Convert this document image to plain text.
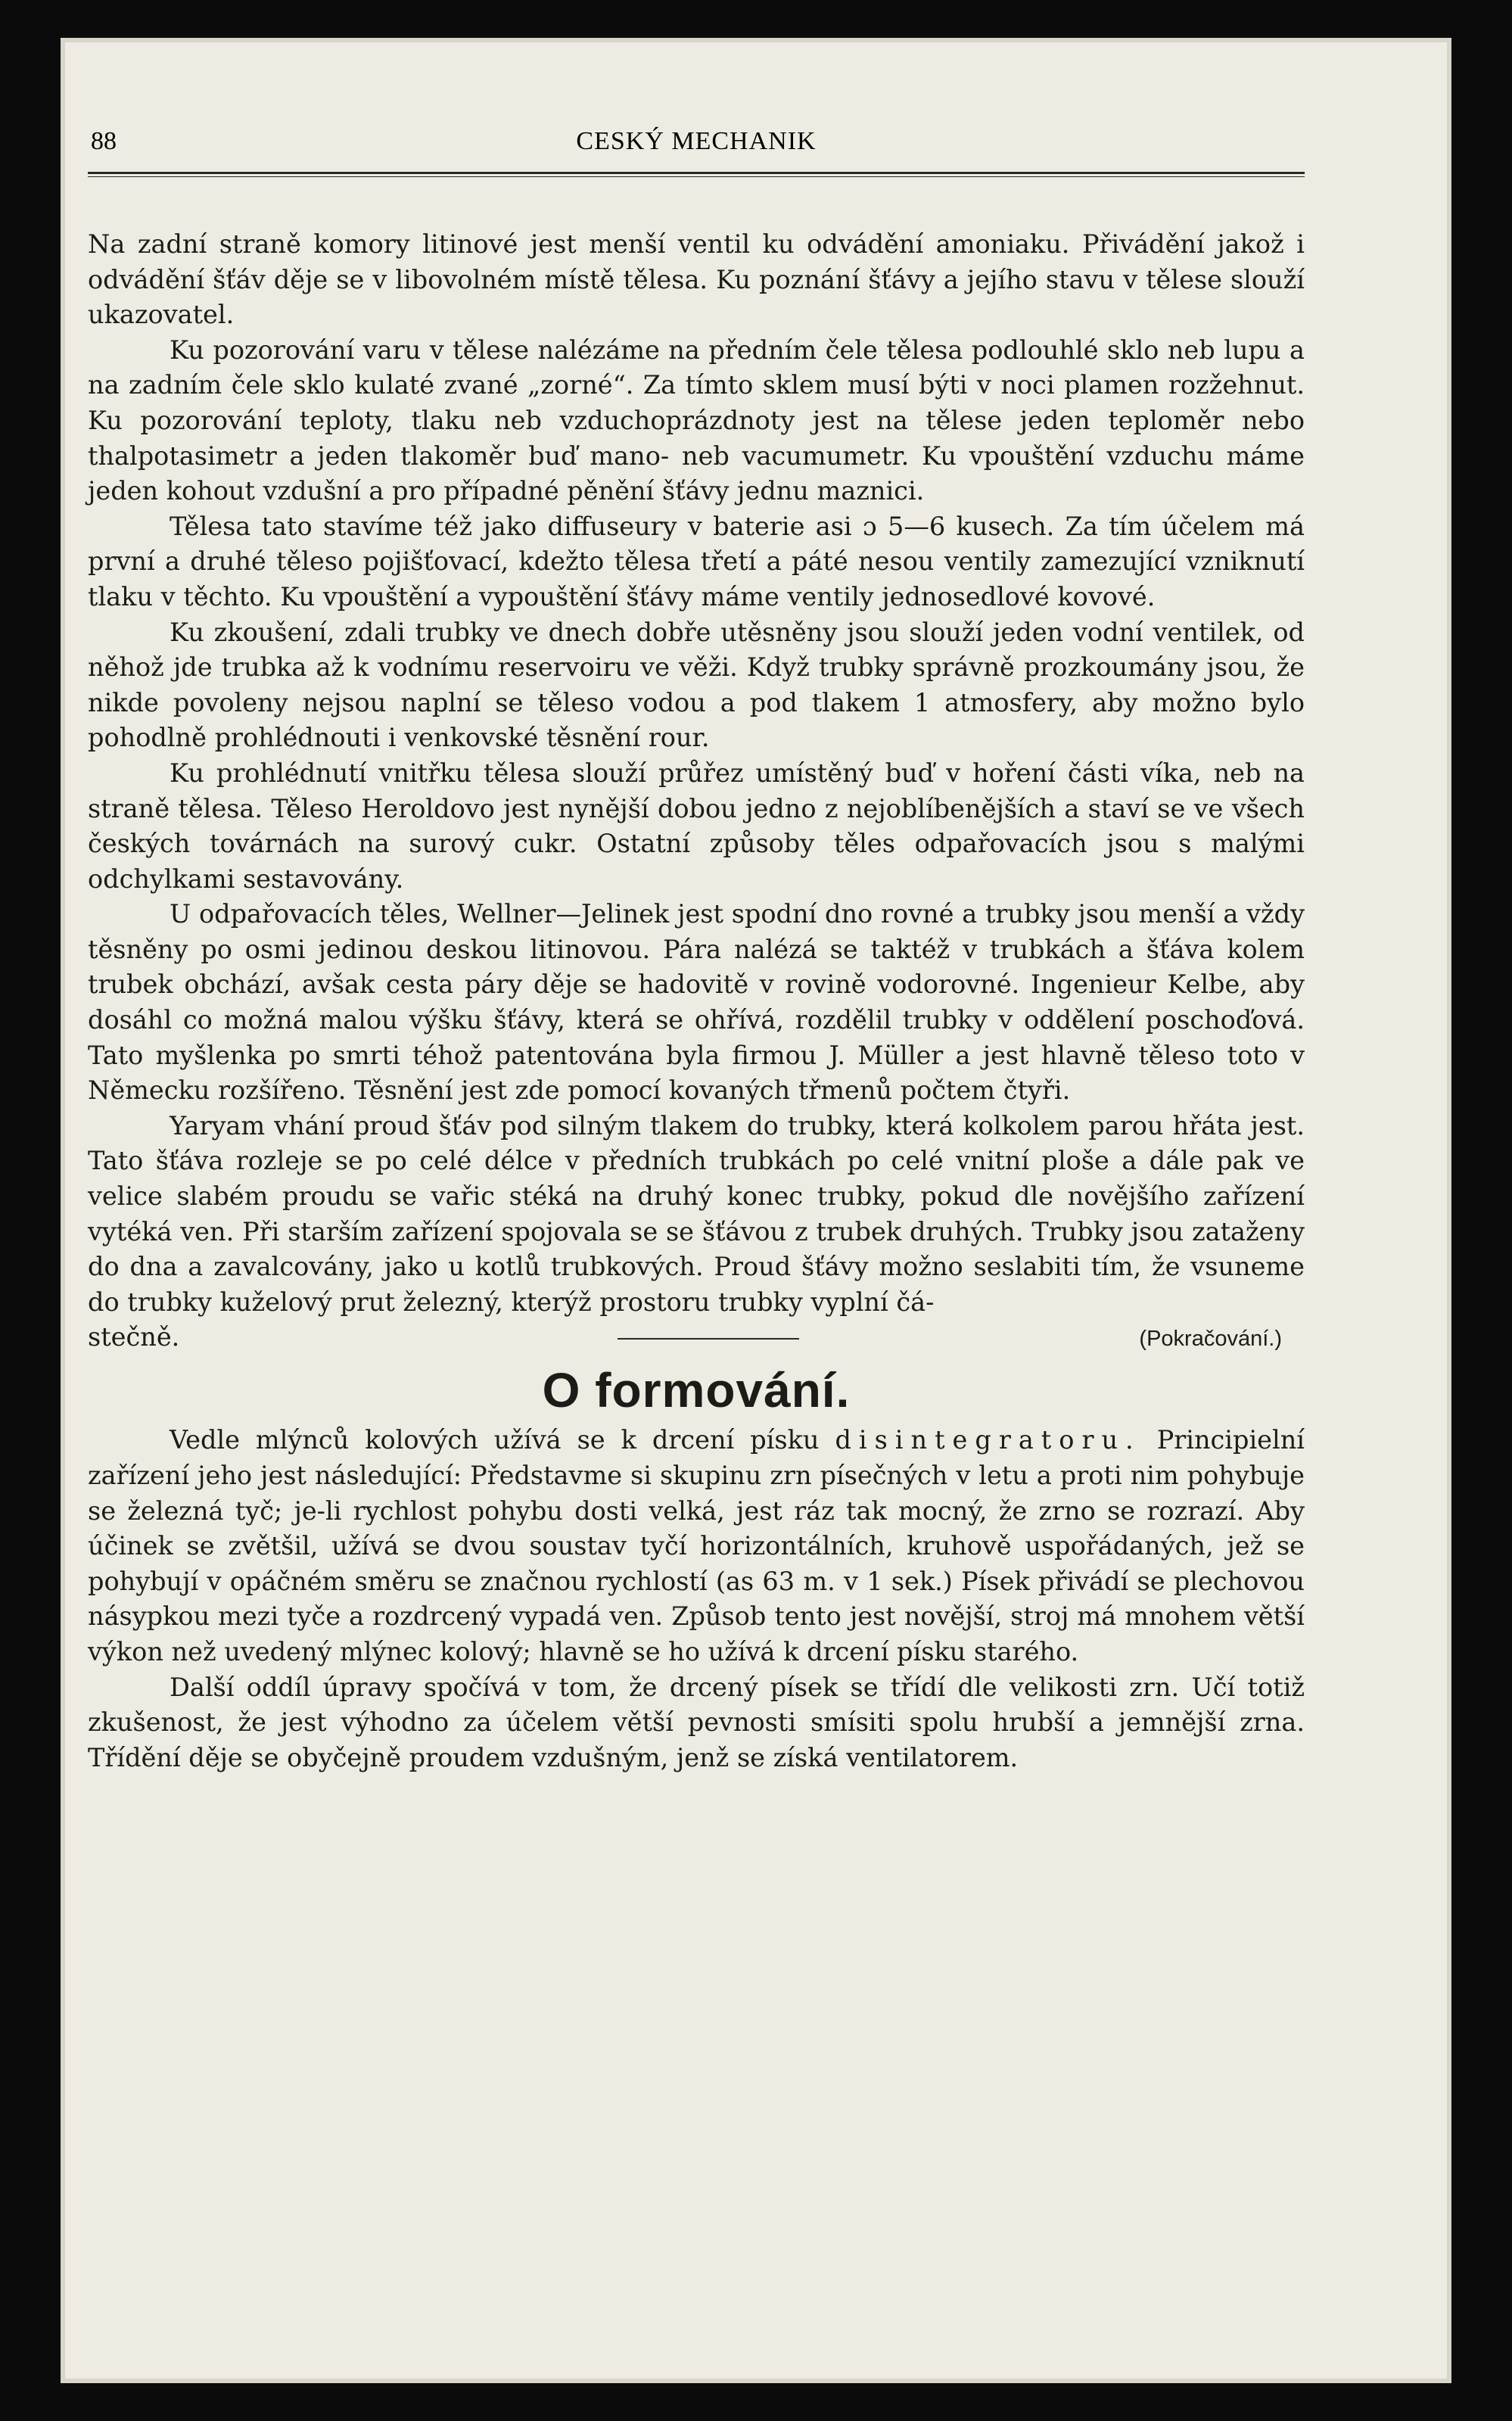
88	CESKÝ MECHANIK

Na zadní straně komory litinové jest menší ventil ku odvádění amoniaku. Přivádění jakož i odvádění šťáv děje se v libovolném místě tělesa. Ku poznání šťávy a jejího stavu v tělese slouží ukazovatel.

Ku pozorování varu v tělese nalézáme na předním čele tělesa podlouhlé sklo neb lupu a na zadním čele sklo kulaté zvané „zorné“. Za tímto sklem musí býti v noci plamen rozžehnut. Ku pozorování teploty, tlaku neb vzduchoprázdnoty jest na tělese jeden teploměr nebo thalpotasimetr a jeden tlakoměr buď mano- neb vacumumetr. Ku vpouštění vzduchu máme jeden kohout vzdušní a pro případné pěnění šťávy jednu maznici.

Tělesa tato stavíme též jako diffuseury v baterie asi ɔ 5—6 kusech. Za tím účelem má první a druhé těleso pojišťovací, kdežto tělesa třetí a páté nesou ventily zamezující vzniknutí tlaku v těchto. Ku vpouštění a vypouštění šťávy máme ventily jednosedlové kovové.

Ku zkoušení, zdali trubky ve dnech dobře utěsněny jsou slouží jeden vodní ventilek, od něhož jde trubka až k vodnímu reservoiru ve věži. Když trubky správně prozkoumány jsou, že nikde povoleny nejsou naplní se těleso vodou a pod tlakem 1 atmosfery, aby možno bylo pohodlně prohlédnouti i venkovské těsnění rour.

Ku prohlédnutí vnitřku tělesa slouží průřez umístěný buď v hoření části víka, neb na straně tělesa. Těleso Heroldovo jest nynější dobou jedno z nejoblíbenějších a staví se ve všech českých továrnách na surový cukr. Ostatní způsoby těles odpařovacích jsou s malými odchylkami sestavovány.

U odpařovacích těles, Wellner—Jelinek jest spodní dno rovné a trubky jsou menší a vždy těsněny po osmi jedinou deskou litinovou. Pára nalézá se taktéž v trubkách a šťáva kolem trubek obchází, avšak cesta páry děje se hadovitě v rovině vodorovné. Ingenieur Kelbe, aby dosáhl co možná malou výšku šťávy, která se ohřívá, rozdělil trubky v oddělení poschoďová. Tato myšlenka po smrti téhož patentována byla firmou J. Müller a jest hlavně těleso toto v Německu rozšířeno. Těsnění jest zde pomocí kovaných třmenů počtem čtyři.

Yaryam vhání proud šťáv pod silným tlakem do trubky, která kolkolem parou hřáta jest. Tato šťáva rozleje se po celé délce v předních trubkách po celé vnitní ploše a dále pak ve velice slabém proudu se vařic stéká na druhý konec trubky, pokud dle novějšího zařízení vytéká ven. Při starším zařízení spojovala se se šťávou z trubek druhých. Trubky jsou zataženy do dna a zavalcovány, jako u kotlů trubkových. Proud šťávy možno seslabiti tím, že vsuneme do trubky kuželový prut železný, kterýž prostoru trubky vyplní čá-

stečně.	(Pokračování.)
O formování.

Vedle mlýnců kolových užívá se k drcení písku disintegratoru. Principielní zařízení jeho jest následující: Představme si skupinu zrn písečných v letu a proti nim pohybuje se železná tyč; je-li rychlost pohybu dosti velká, jest ráz tak mocný, že zrno se rozrazí. Aby účinek se zvětšil, užívá se dvou soustav tyčí horizontálních, kruhově uspořádaných, jež se pohybují v opáčném směru se značnou rychlostí (as 63 m. v 1 sek.) Písek přivádí se plechovou násypkou mezi tyče a rozdrcený vypadá ven. Způsob tento jest novější, stroj má mnohem větší výkon než uvedený mlýnec kolový; hlavně se ho užívá k drcení písku starého.

Další oddíl úpravy spočívá v tom, že drcený písek se třídí dle velikosti zrn. Učí totiž zkušenost, že jest výhodno za účelem větší pevnosti smísiti spolu hrubší a jemnější zrna. Třídění děje se obyčejně proudem vzdušným, jenž se získá ventilatorem.
